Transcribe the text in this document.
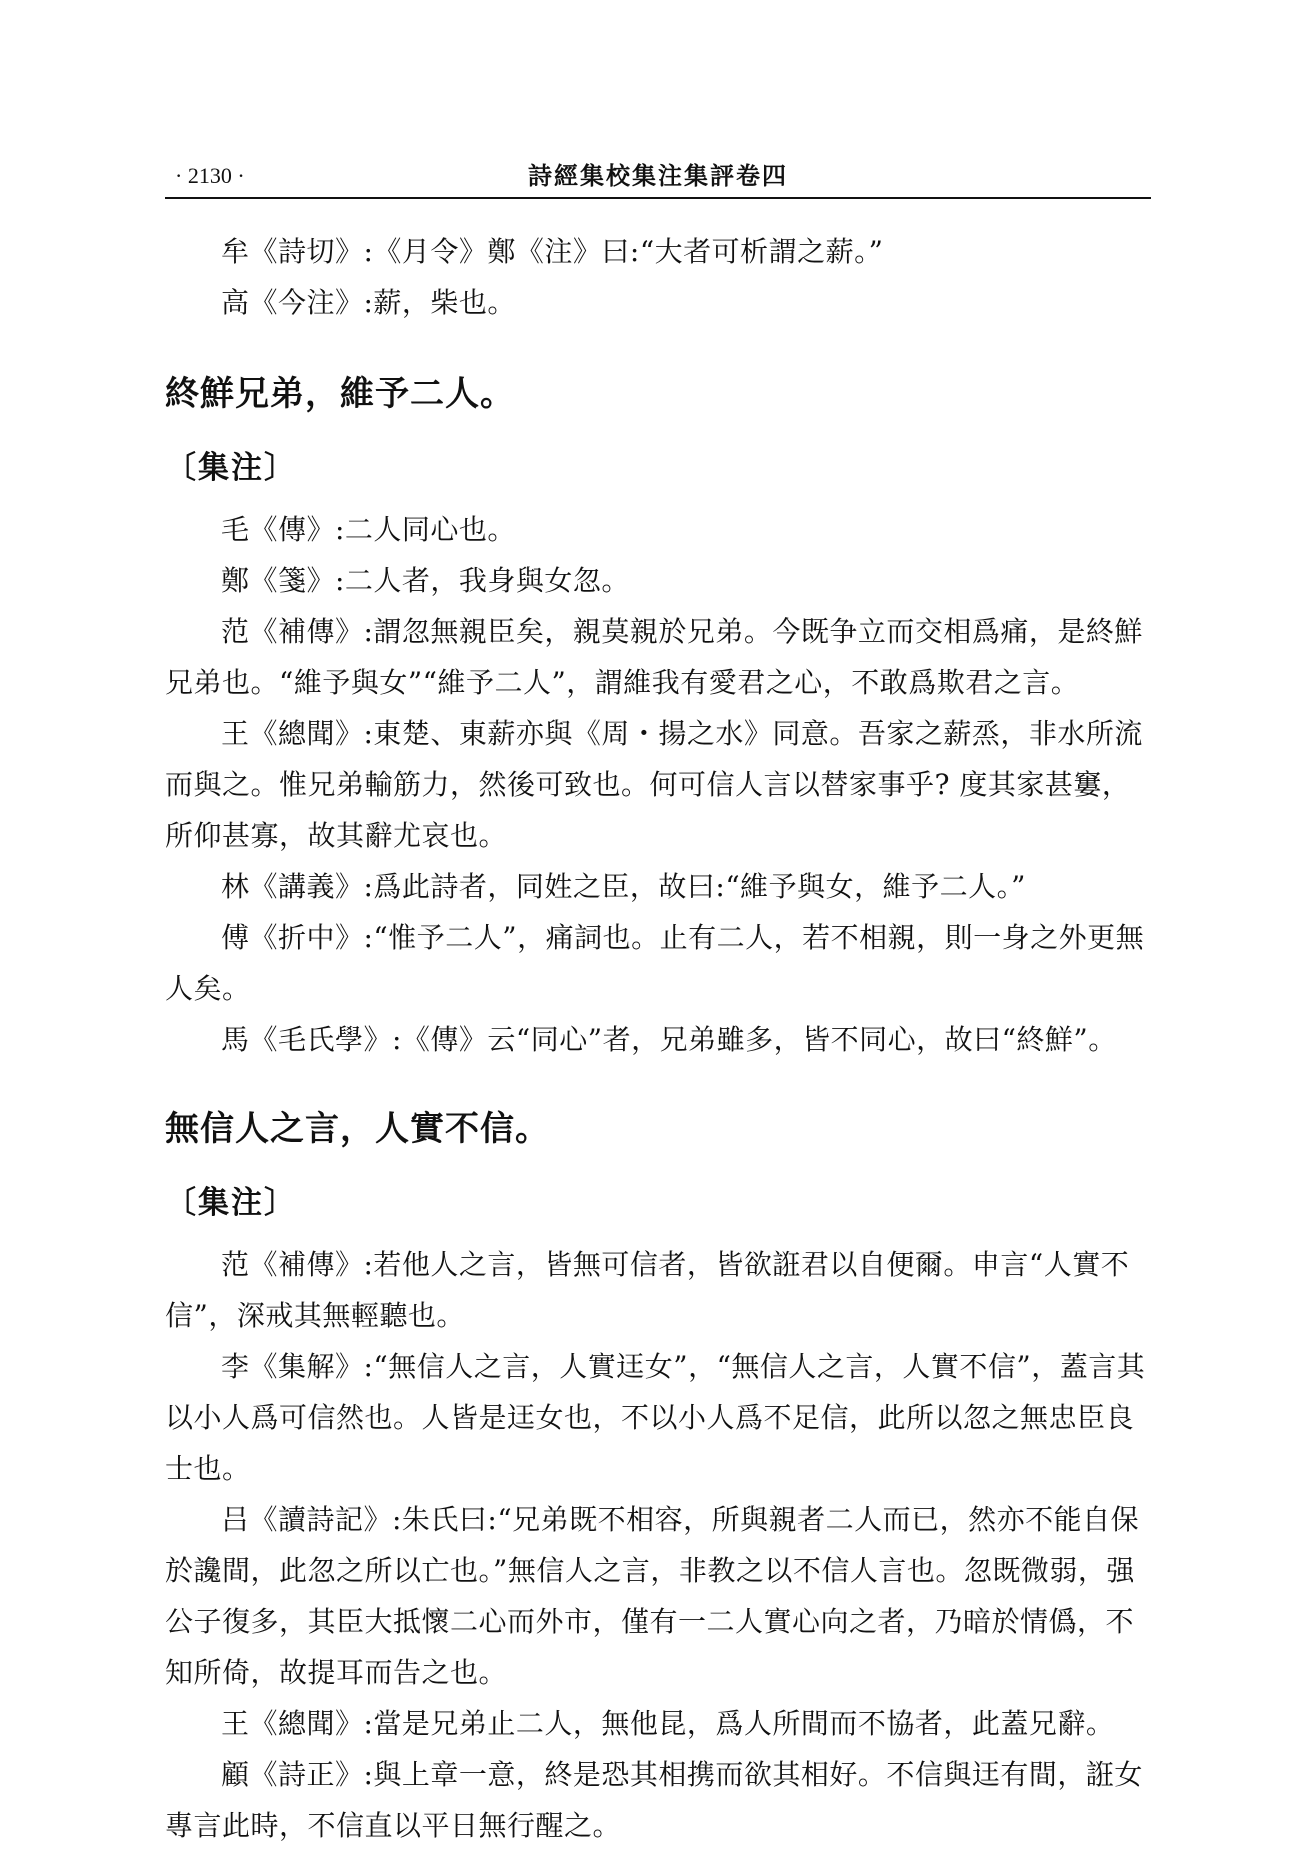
· 2130 ·	詩經集校集注集評卷四

牟《詩切》:《月令》鄭《注》曰:“大者可析謂之薪。”

高《今注》:薪，柴也。

終鮮兄弟，維予二人。

〔集注〕

毛《傳》:二人同心也。

鄭《箋》:二人者，我身與女忽。

范《補傳》:謂忽無親臣矣，親莫親於兄弟。今既争立而交相爲痛，是終鮮兄弟也。“維予與女”“維予二人”，謂維我有愛君之心，不敢爲欺君之言。

王《總聞》:東楚、東薪亦與《周・揚之水》同意。吾家之薪烝，非水所流而與之。惟兄弟輸筋力，然後可致也。何可信人言以替家事乎? 度其家甚窶，所仰甚寡，故其辭尤哀也。

林《講義》:爲此詩者，同姓之臣，故曰:“維予與女，維予二人。”

傅《折中》:“惟予二人”，痛詞也。止有二人，若不相親，則一身之外更無人矣。

馬《毛氏學》:《傳》云“同心”者，兄弟雖多，皆不同心，故曰“終鮮”。

無信人之言，人實不信。

〔集注〕

范《補傳》:若他人之言，皆無可信者，皆欲誑君以自便爾。申言“人實不信”，深戒其無輕聽也。

李《集解》:“無信人之言，人實迋女”，“無信人之言，人實不信”，蓋言其以小人爲可信然也。人皆是迋女也，不以小人爲不足信，此所以忽之無忠臣良士也。

吕《讀詩記》:朱氏曰:“兄弟既不相容，所與親者二人而已，然亦不能自保於讒間，此忽之所以亡也。”無信人之言，非教之以不信人言也。忽既微弱，强公子復多，其臣大抵懷二心而外市，僅有一二人實心向之者，乃暗於情僞，不知所倚，故提耳而告之也。

王《總聞》:當是兄弟止二人，無他昆，爲人所間而不協者，此蓋兄辭。

顧《詩正》:與上章一意，終是恐其相携而欲其相好。不信與迋有間，誑女專言此時，不信直以平日無行醒之。
